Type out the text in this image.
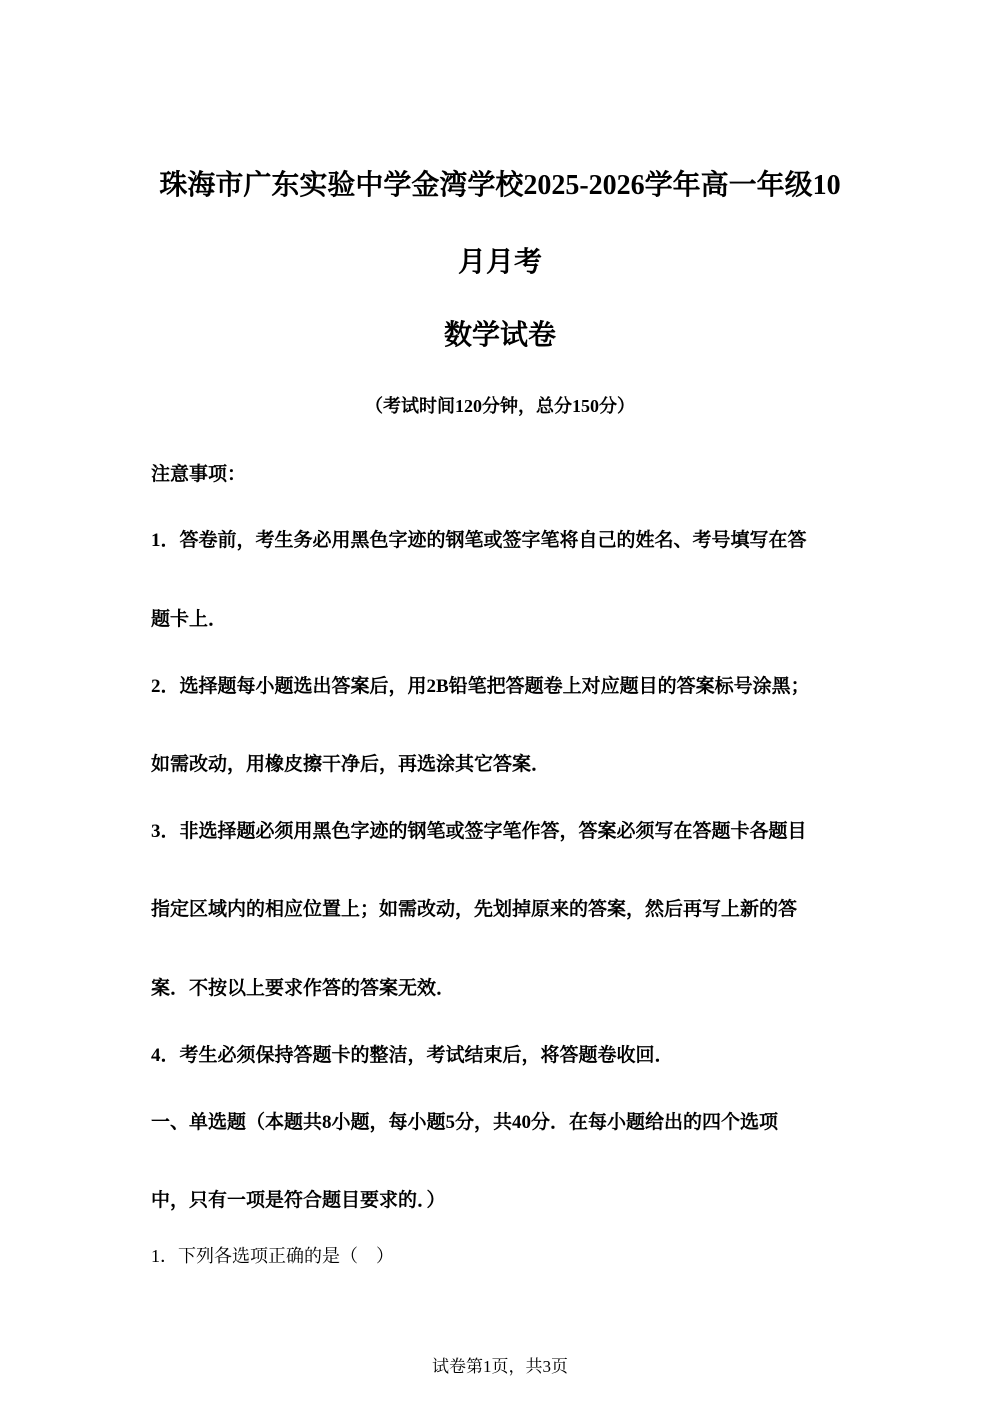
珠海市广东实验中学金湾学校2025-2026学年高一年级10
月月考
数学试卷
（考试时间120分钟，总分150分）
注意事项：
1．答卷前，考生务必用黑色字迹的钢笔或签字笔将自己的姓名、考号填写在答
题卡上．
2．选择题每小题选出答案后，用2B铅笔把答题卷上对应题目的答案标号涂黑；
如需改动，用橡皮擦干净后，再选涂其它答案．
3．非选择题必须用黑色字迹的钢笔或签字笔作答，答案必须写在答题卡各题目
指定区域内的相应位置上；如需改动，先划掉原来的答案，然后再写上新的答
案．不按以上要求作答的答案无效．
4．考生必须保持答题卡的整洁，考试结束后，将答题卷收回．
一、单选题（本题共8小题，每小题5分，共40分．在每小题给出的四个选项
中，只有一项是符合题目要求的．）
1．下列各选项正确的是（　）
试卷第1页，共3页
